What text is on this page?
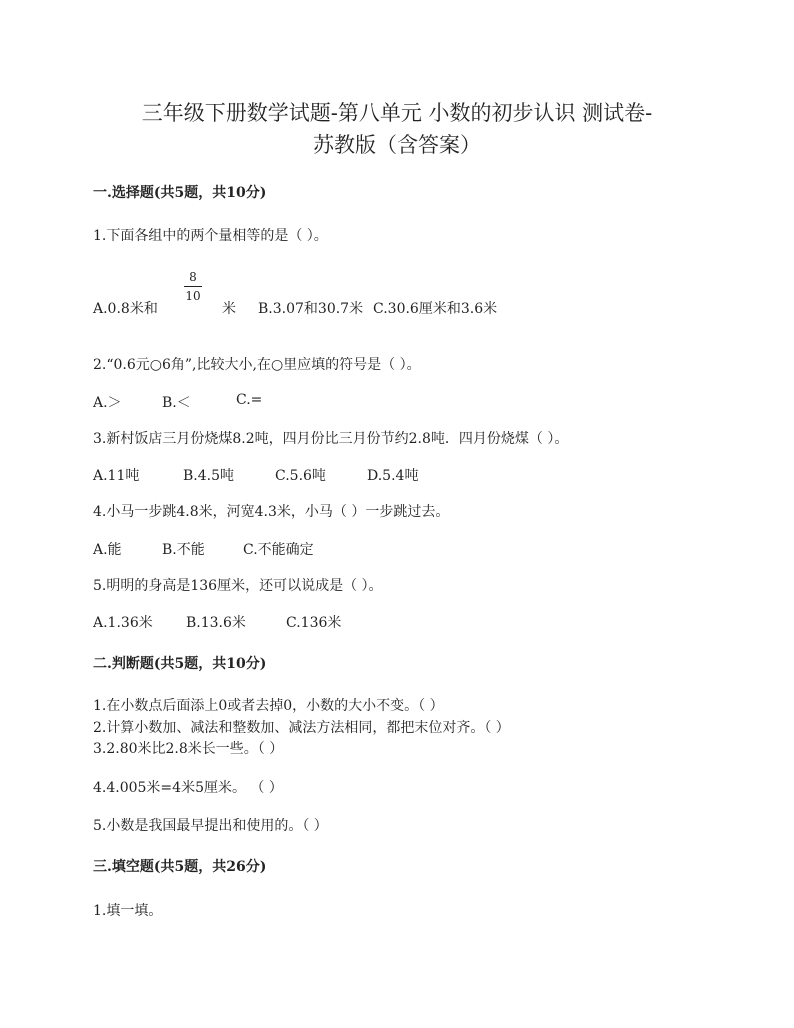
三年级下册数学试题-第八单元 小数的初步认识 测试卷-
苏教版（含答案）
一.选择题(共5题，共10分)
1.下面各组中的两个量相等的是（ ）。
A.0.8米和
8
10
米 B.3.07和30.7米 C.30.6厘米和3.6米
2.“0.6元○6角”,比较大小,在○里应填的符号是（ ）。
A.＞	B.＜	C.=
3.新村饭店三月份烧煤8.2吨，四月份比三月份节约2.8吨．四月份烧煤（ ）。
A.11吨	B.4.5吨	C.5.6吨	D.5.4吨
4.小马一步跳4.8米，河宽4.3米，小马（ ）一步跳过去。
A.能	B.不能	C.不能确定
5.明明的身高是136厘米，还可以说成是（ ）。
A.1.36米 B.13.6米	C.136米
二.判断题(共5题，共10分)
1.在小数点后面添上0或者去掉0，小数的大小不变。（ ）
2.计算小数加、减法和整数加、减法方法相同，都把末位对齐。（ ）
3.2.80米比2.8米长一些。（ ）
4.4.005米=4米5厘米。 （ ）
5.小数是我国最早提出和使用的。（ ）
三.填空题(共5题，共26分)
1.填一填。
